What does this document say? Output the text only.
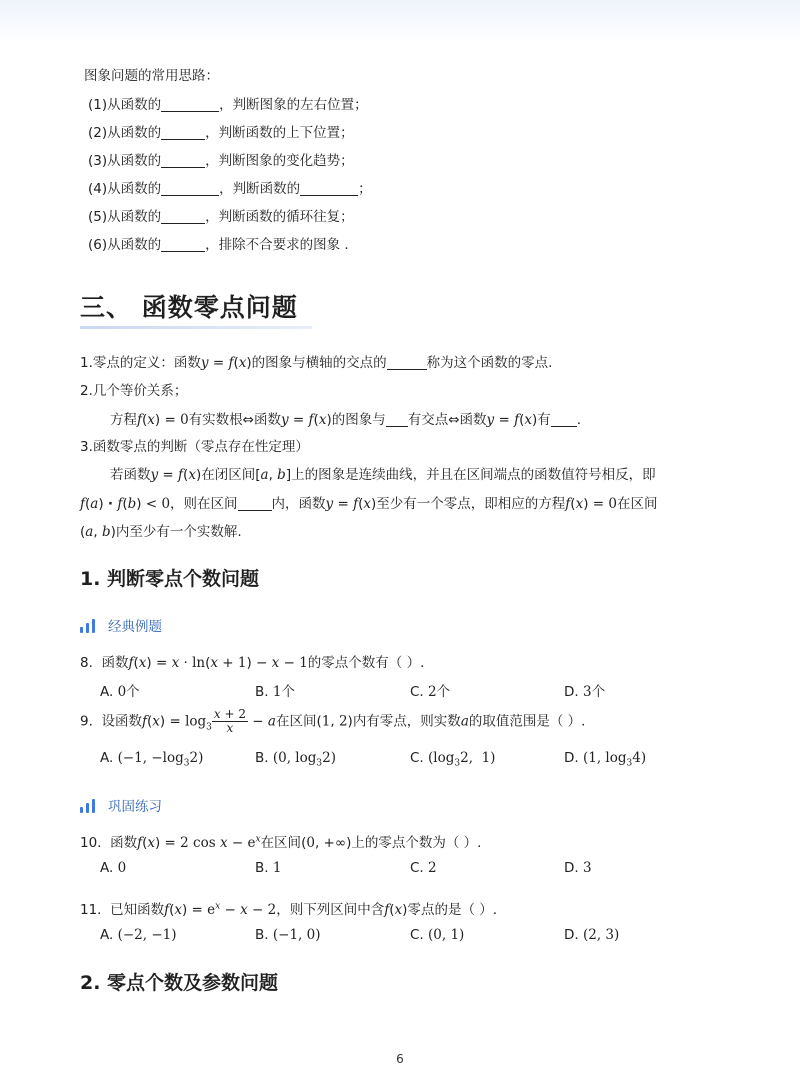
图象问题的常用思路：
(1)从函数的	，判断图象的左右位置；
(2)从函数的	，判断函数的上下位置；
(3)从函数的	，判断图象的变化趋势；
(4)从函数的	，判断函数的	；
(5)从函数的	，判断函数的循环往复；
(6)从函数的	，排除不合要求的图象 .
三、 函数零点问题
1.零点的定义：函数y = f(x)的图象与横轴的交点的	称为这个函数的零点.
2.几个等价关系；
方程f(x) = 0有实数根⇔函数y = f(x)的图象与 有交点⇔函数y = f(x)有 .
3.函数零点的判断（零点存在性定理）
若函数y = f(x)在闭区间[a, b]上的图象是连续曲线，并且在区间端点的函数值符号相反，即
f(a) · f(b) < 0，则在区间	内，函数y = f(x)至少有一个零点，即相应的方程f(x) = 0在区间
(a, b)内至少有一个实数解.
1. 判断零点个数问题
经典例题
8. 函数f(x) = x · ln(x + 1) − x − 1的零点个数有（ ）.
A. 0个	B. 1个	C. 2个	D. 3个
9. 设函数$f(x) = \log_3 \frac{x + 2}{x} - a$在区间(1, 2)内有零点，则实数a的取值范围是（ ）.
A. (−1, $-\log_32$)	B. (0, $\log_32$)	C. ($\log_32$,  1)	D. (1, $\log_34$)
巩固练习
10. 函数f(x) = 2 $\cos x - e^x$在区间(0, +∞)上的零点个数为（ ）.
A. 0	B. 1	C. 2	D. 3
11. 已知函数$f(x) = e^x - x - 2$，则下列区间中含f(x)零点的是（ ）.
A. (−2, −1)	B. (−1, 0)	C. (0, 1)	D. (2, 3)
2. 零点个数及参数问题
6
